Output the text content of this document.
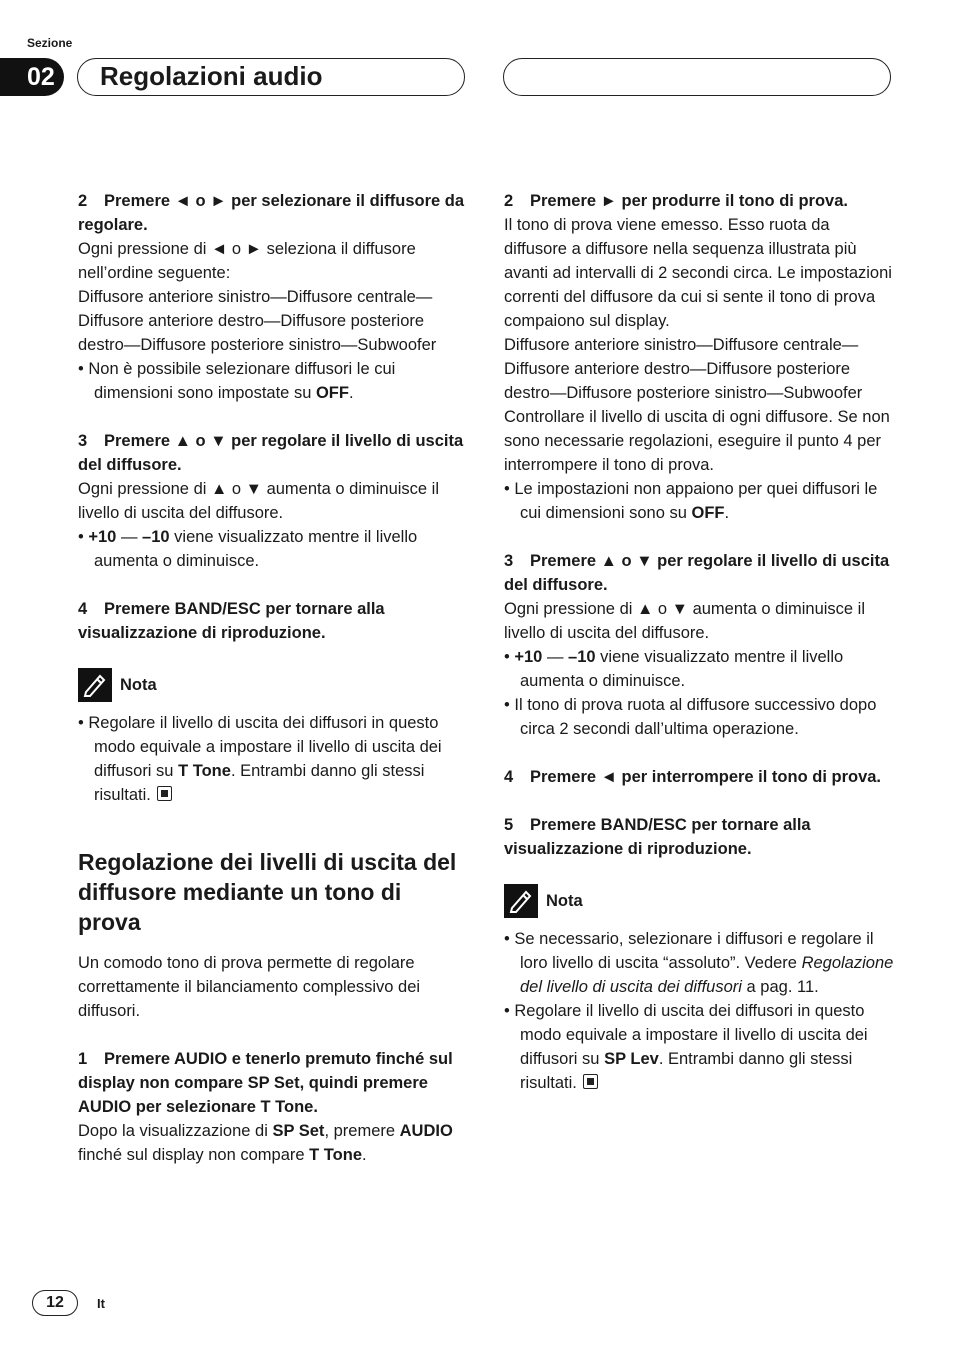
Sezione
02	Regolazioni audio

2 Premere ◄ o ► per selezionare il diffusore da regolare.

Ogni pressione di ◄ o ► seleziona il diffusore nell’ordine seguente:

Diffusore anteriore sinistro—Diffusore centrale—Diffusore anteriore destro—Diffusore posteriore destro—Diffusore posteriore sinistro—Subwoofer

• Non è possibile selezionare diffusori le cui dimensioni sono impostate su OFF.

3 Premere ▲ o ▼ per regolare il livello di uscita del diffusore.

Ogni pressione di ▲ o ▼ aumenta o diminuisce il livello di uscita del diffusore.

• +10 — –10 viene visualizzato mentre il livello aumenta o diminuisce.

4 Premere BAND/ESC per tornare alla visualizzazione di riproduzione.

Nota
• Regolare il livello di uscita dei diffusori in questo modo equivale a impostare il livello di uscita dei diffusori su T Tone. Entrambi danno gli stessi risultati.
Regolazione dei livelli di uscita del diffusore mediante un tono di prova

Un comodo tono di prova permette di regolare correttamente il bilanciamento complessivo dei diffusori.

1 Premere AUDIO e tenerlo premuto finché sul display non compare SP Set, quindi premere AUDIO per selezionare T Tone.

Dopo la visualizzazione di SP Set, premere AUDIO finché sul display non compare T Tone.

2 Premere ► per produrre il tono di prova.

Il tono di prova viene emesso. Esso ruota da diffusore a diffusore nella sequenza illustrata più avanti ad intervalli di 2 secondi circa. Le impostazioni correnti del diffusore da cui si sente il tono di prova compaiono sul display.

Diffusore anteriore sinistro—Diffusore centrale—Diffusore anteriore destro—Diffusore posteriore destro—Diffusore posteriore sinistro—Subwoofer

Controllare il livello di uscita di ogni diffusore. Se non sono necessarie regolazioni, eseguire il punto 4 per interrompere il tono di prova.

• Le impostazioni non appaiono per quei diffusori le cui dimensioni sono su OFF.

3 Premere ▲ o ▼ per regolare il livello di uscita del diffusore.

Ogni pressione di ▲ o ▼ aumenta o diminuisce il livello di uscita del diffusore.

• +10 — –10 viene visualizzato mentre il livello aumenta o diminuisce.

• Il tono di prova ruota al diffusore successivo dopo circa 2 secondi dall’ultima operazione.

4 Premere ◄ per interrompere il tono di prova.

5 Premere BAND/ESC per tornare alla visualizzazione di riproduzione.

Nota
• Se necessario, selezionare i diffusori e regolare il loro livello di uscita “assoluto”. Vedere Regolazione del livello di uscita dei diffusori a pag. 11.
• Regolare il livello di uscita dei diffusori in questo modo equivale a impostare il livello di uscita dei diffusori su SP Lev. Entrambi danno gli stessi risultati.
12	It
